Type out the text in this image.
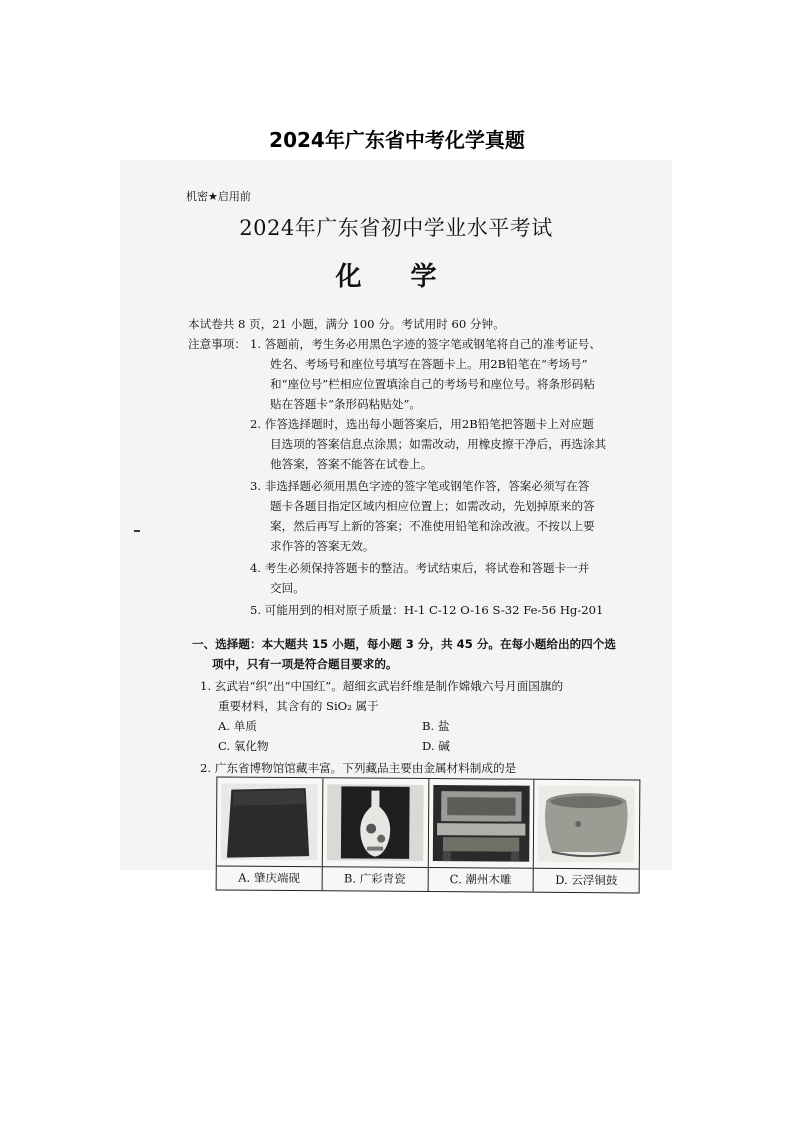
2024年广东省中考化学真题
机密★启用前
2024年广东省初中学业水平考试
化 学
本试卷共 8 页，21 小题，满分 100 分。考试用时 60 分钟。
注意事项： 1. 答题前，考生务必用黑色字迹的签字笔或钢笔将自己的准考证号、
姓名、考场号和座位号填写在答题卡上。用2B铅笔在“考场号”
和“座位号”栏相应位置填涂自己的考场号和座位号。将条形码粘
贴在答题卡“条形码粘贴处”。
2. 作答选择题时，选出每小题答案后，用2B铅笔把答题卡上对应题
目选项的答案信息点涂黑；如需改动，用橡皮擦干净后，再选涂其
他答案，答案不能答在试卷上。
3. 非选择题必须用黑色字迹的签字笔或钢笔作答，答案必须写在答
题卡各题目指定区域内相应位置上；如需改动，先划掉原来的答
案，然后再写上新的答案；不准使用铅笔和涂改液。不按以上要
求作答的答案无效。
4. 考生必须保持答题卡的整洁。考试结束后，将试卷和答题卡一并
交回。
5. 可能用到的相对原子质量：H-1 C-12 O-16 S-32 Fe-56 Hg-201
一、选择题：本大题共 15 小题，每小题 3 分，共 45 分。在每小题给出的四个选
项中，只有一项是符合题目要求的。
1. 玄武岩“织”出“中国红”。超细玄武岩纤维是制作嫦娥六号月面国旗的
重要材料，其含有的 SiO₂ 属于
A. 单质	B. 盐
C. 氧化物	D. 碱
2. 广东省博物馆馆藏丰富。下列藏品主要由金属材料制成的是
A. 肇庆端砚	B. 广彩青瓷	C. 潮州木雕	D. 云浮铜鼓
